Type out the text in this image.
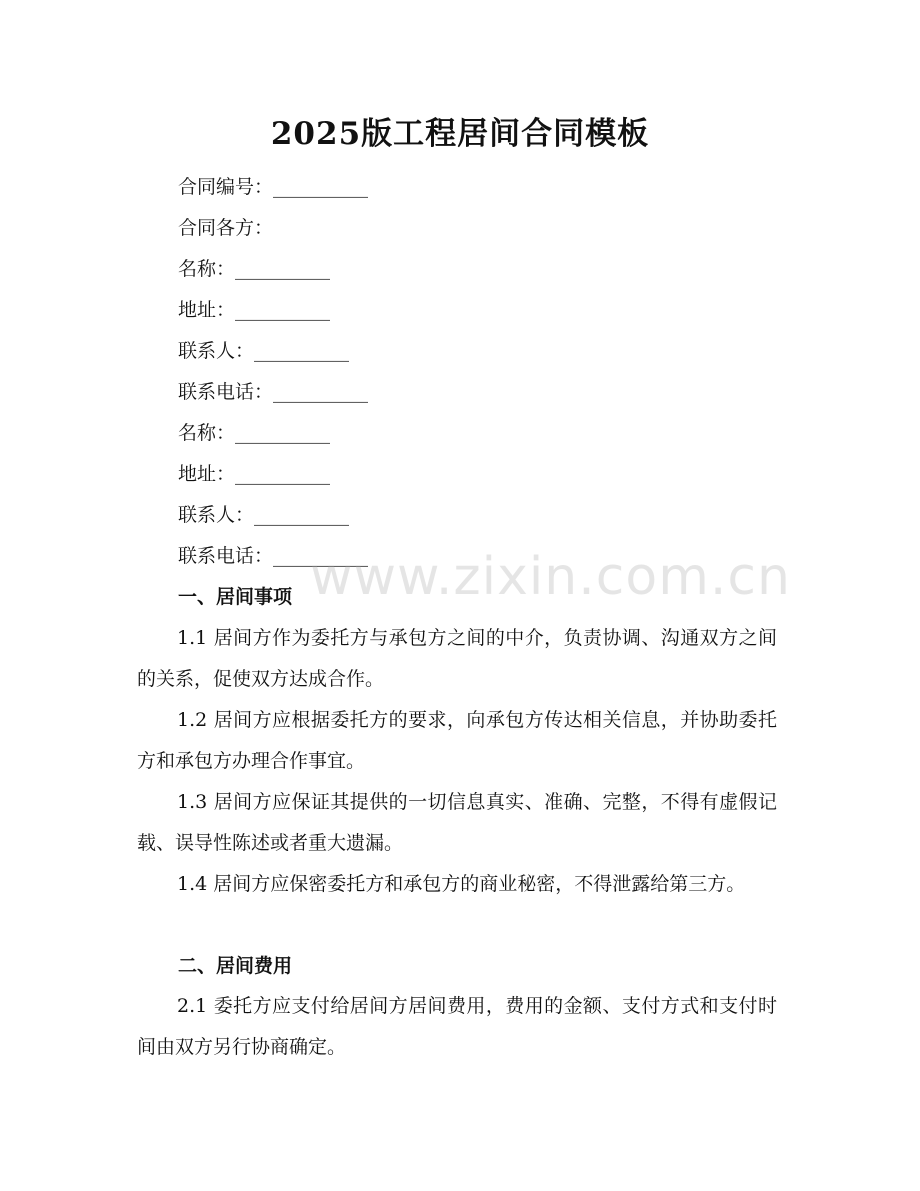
2025版工程居间合同模板
合同编号：__________
合同各方：
名称：__________
地址：__________
联系人：__________
联系电话：__________
名称：__________
地址：__________
联系人：__________
联系电话：__________
一、居间事项
1.1 居间方作为委托方与承包方之间的中介，负责协调、沟通双方之间的关系，促使双方达成合作。
1.2 居间方应根据委托方的要求，向承包方传达相关信息，并协助委托方和承包方办理合作事宜。
1.3 居间方应保证其提供的一切信息真实、准确、完整，不得有虚假记载、误导性陈述或者重大遗漏。
1.4 居间方应保密委托方和承包方的商业秘密，不得泄露给第三方。
二、居间费用
2.1 委托方应支付给居间方居间费用，费用的金额、支付方式和支付时间由双方另行协商确定。
www.zixin.com.cn
